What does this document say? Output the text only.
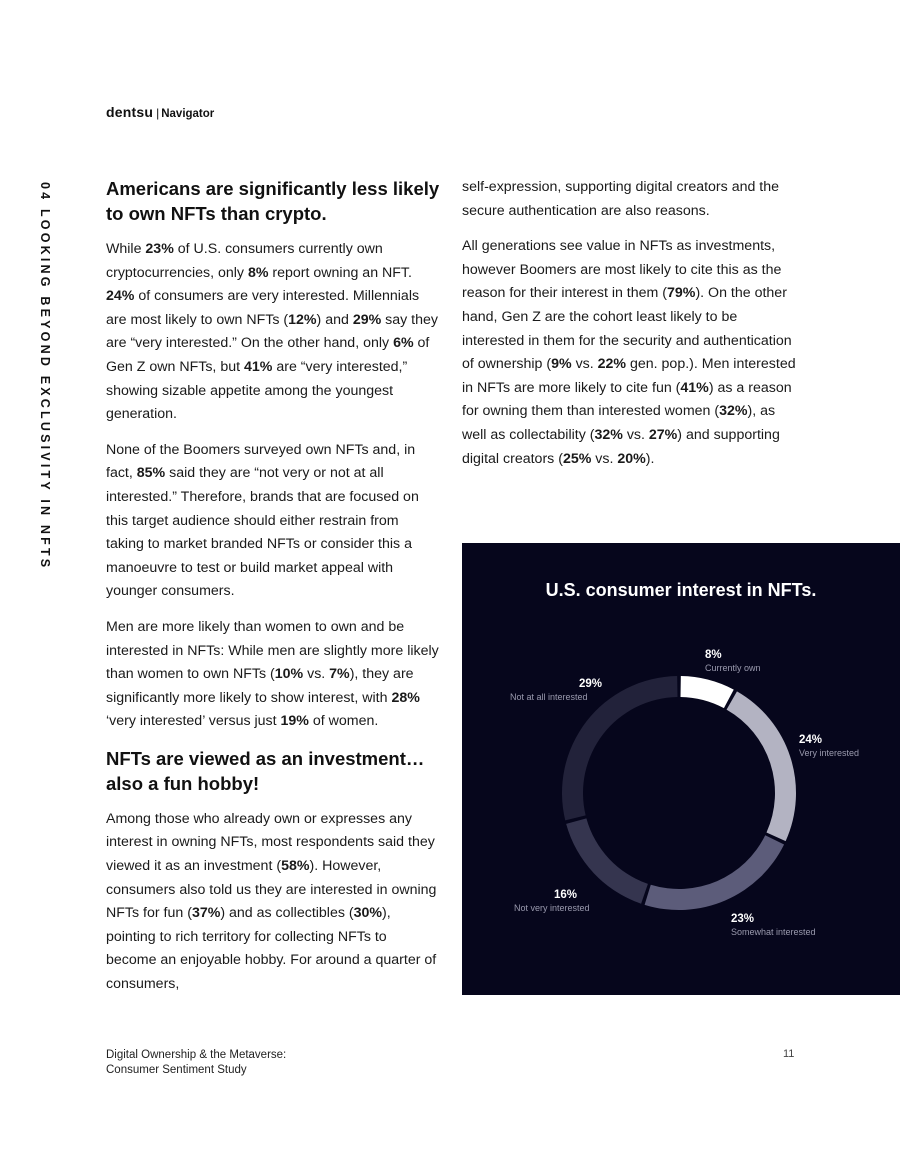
dentsu | Navigator
04 LOOKING BEYOND EXCLUSIVITY IN NFTS	Americans are significantly less likely to own NFTs than crypto.

While 23% of U.S. consumers currently own cryptocurrencies, only 8% report owning an NFT. 24% of consumers are very interested. Millennials are most likely to own NFTs (12%) and 29% say they are “very interested.” On the other hand, only 6% of Gen Z own NFTs, but 41% are “very interested,” showing sizable appetite among the youngest generation.

None of the Boomers surveyed own NFTs and, in fact, 85% said they are “not very or not at all interested.” Therefore, brands that are focused on this target audience should either restrain from taking to market branded NFTs or consider this a manoeuvre to test or build market appeal with younger consumers.

Men are more likely than women to own and be interested in NFTs: While men are slightly more likely than women to own NFTs (10% vs. 7%), they are significantly more likely to show interest, with 28% ‘very interested’ versus just 19% of women.

NFTs are viewed as an investment… also a fun hobby!

Among those who already own or expresses any interest in owning NFTs, most respondents said they viewed it as an investment (58%). However, consumers also told us they are interested in owning NFTs for fun (37%) and as collectibles (30%), pointing to rich territory for collecting NFTs to become an enjoyable hobby. For around a quarter of consumers,

self-expression, supporting digital creators and the secure authentication are also reasons.

All generations see value in NFTs as investments, however Boomers are most likely to cite this as the reason for their interest in them (79%). On the other hand, Gen Z are the cohort least likely to be interested in them for the security and authentication of ownership (9% vs. 22% gen. pop.). Men interested in NFTs are more likely to cite fun (41%) as a reason for owning them than interested women (32%), as well as collectability (32% vs. 27%) and supporting digital creators (25% vs. 20%).

U.S. consumer interest in NFTs.
8%
Currently own
24%
Very interested
23%
Somewhat interested
16%
Not very interested
29%
Not at all interested
Digital Ownership & the Metaverse:
Consumer Sentiment Study
11
